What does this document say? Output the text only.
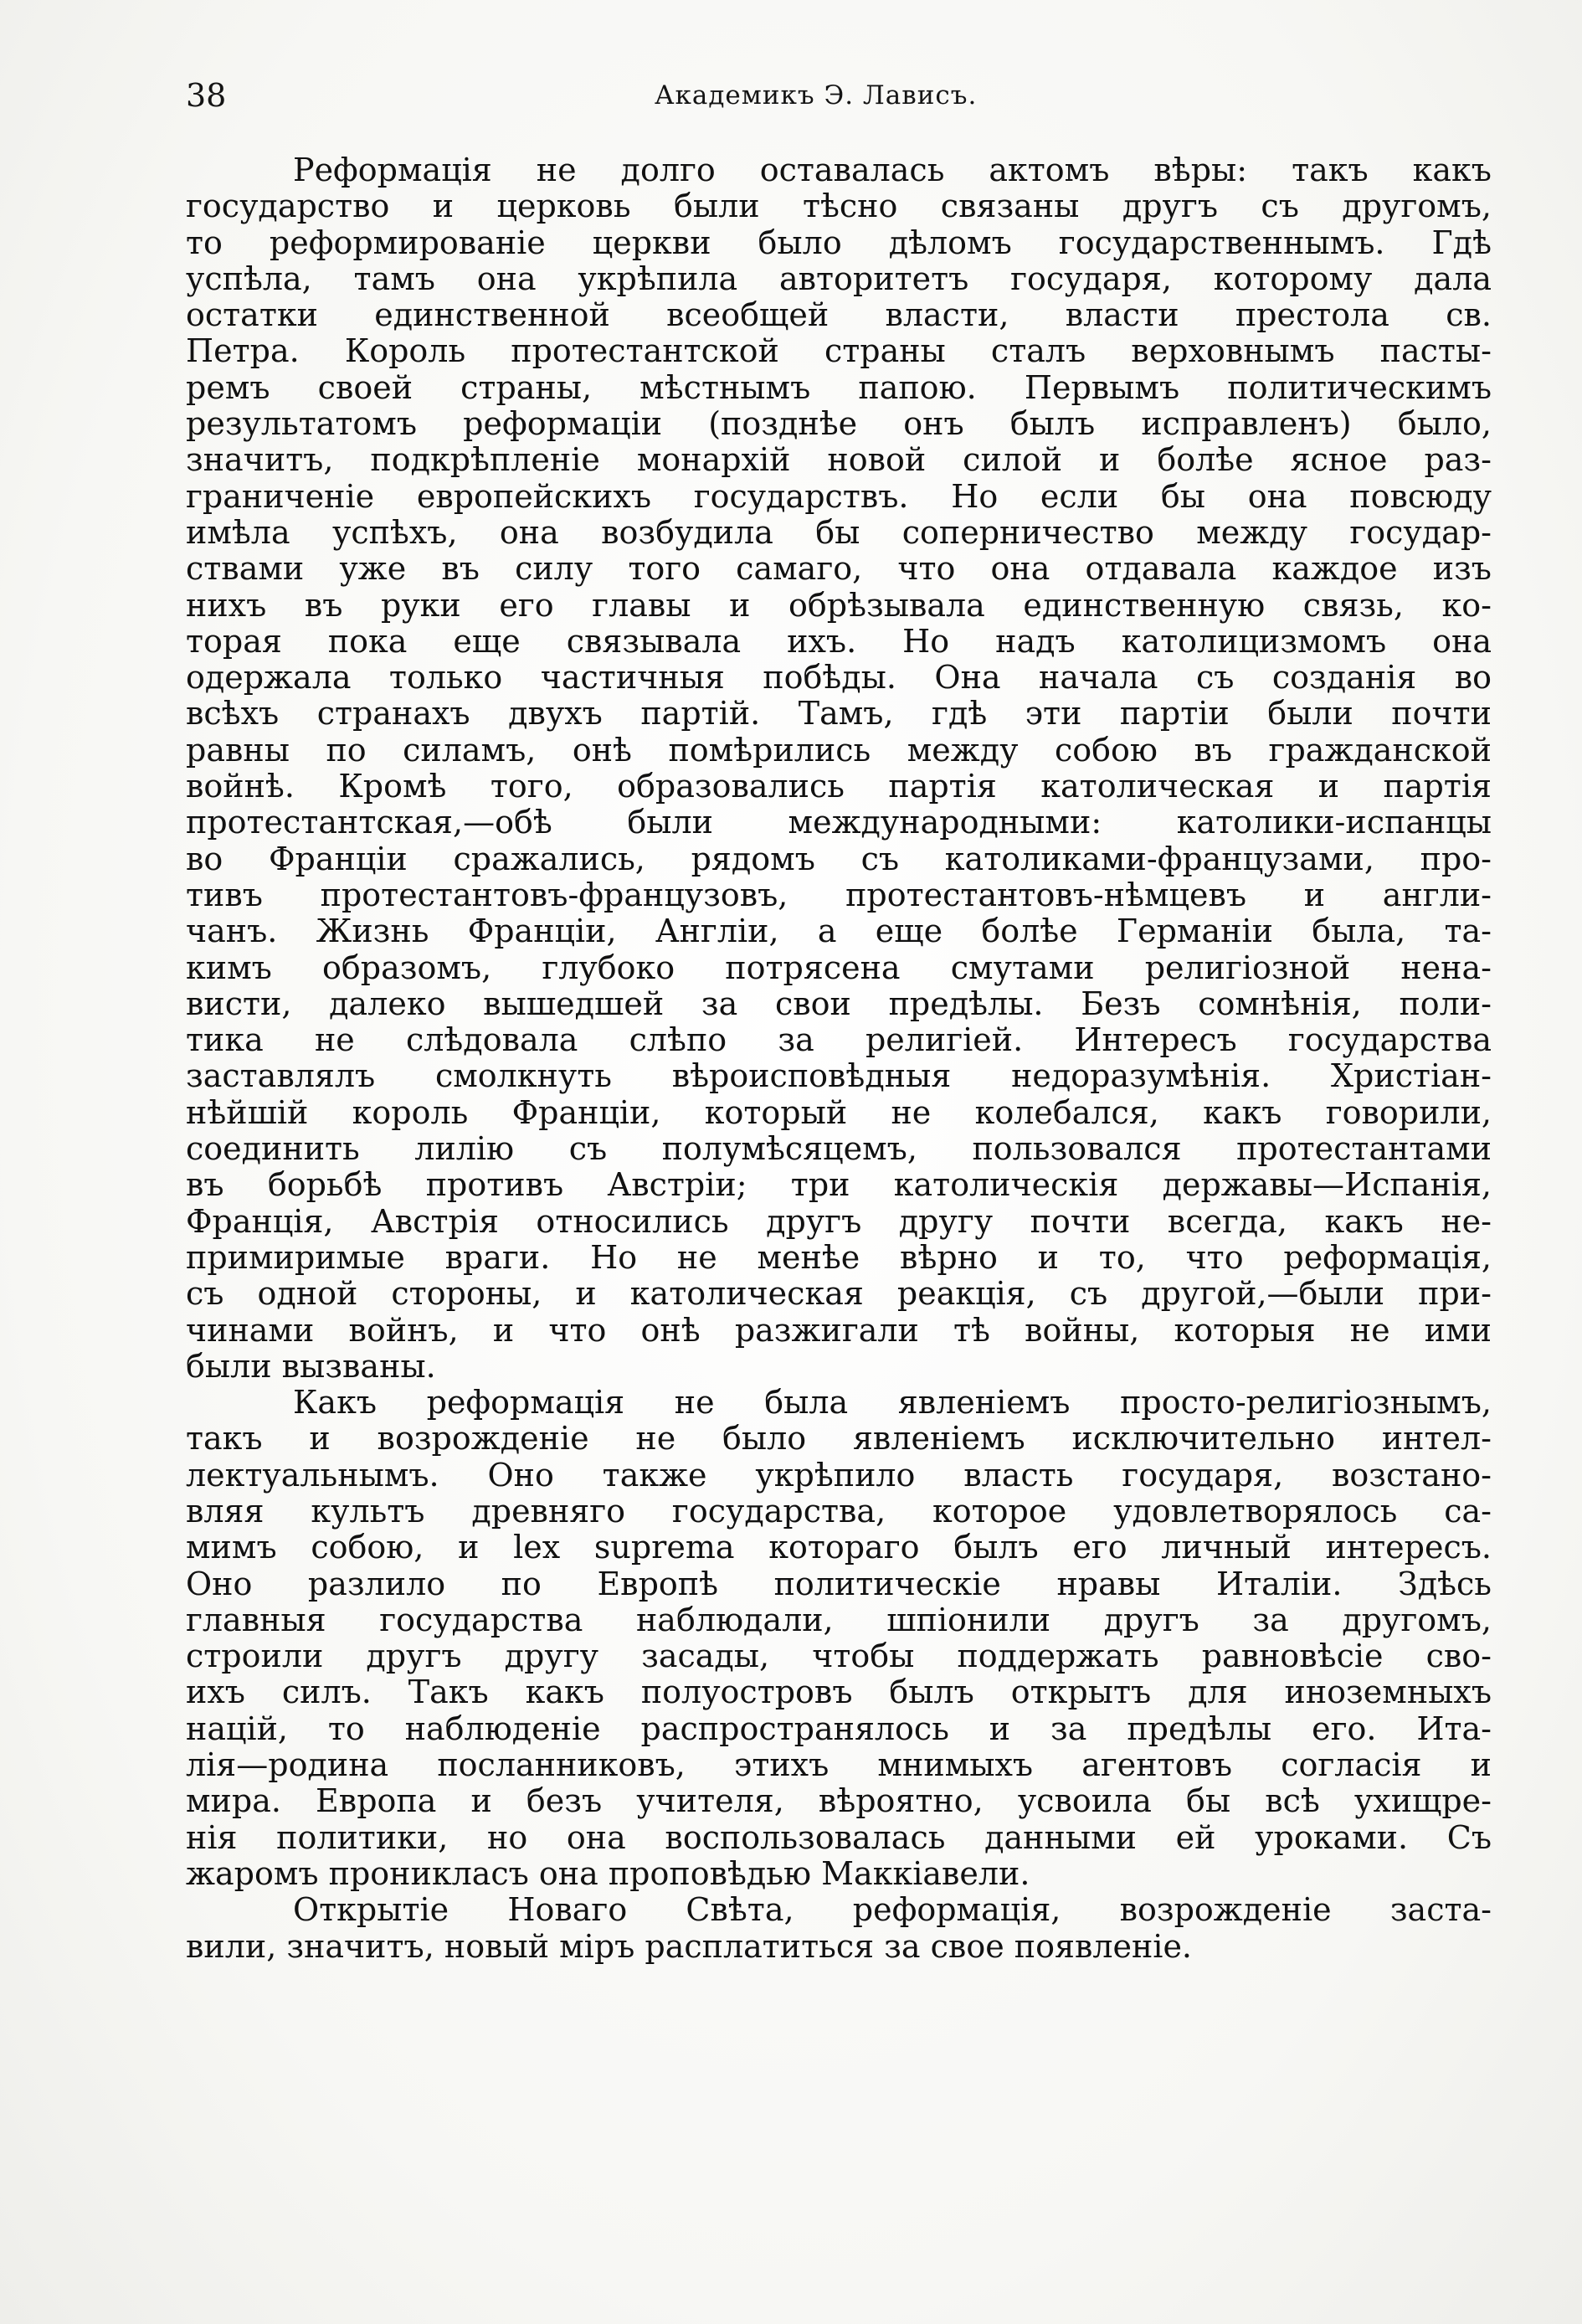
38	Академикъ Э. Лависъ.

Реформація не долго оставалась актомъ вѣры: такъ какъ
государство и церковь были тѣсно связаны другъ съ другомъ,
то реформированіе церкви было дѣломъ государственнымъ. Гдѣ
успѣла, тамъ она укрѣпила авторитетъ государя, которому дала
остатки единственной всеобщей власти, власти престола св.
Петра. Король протестантской страны сталъ верховнымъ пасты-
ремъ своей страны, мѣстнымъ папою. Первымъ политическимъ
результатомъ реформаціи (позднѣе онъ былъ исправленъ) было,
значитъ, подкрѣпленіе монархій новой силой и болѣе ясное раз-
граниченіе европейскихъ государствъ. Но если бы она повсюду
имѣла успѣхъ, она возбудила бы соперничество между государ-
ствами уже въ силу того самаго, что она отдавала каждое изъ
нихъ въ руки его главы и обрѣзывала единственную связь, ко-
торая пока еще связывала ихъ. Но надъ католицизмомъ она
одержала только частичныя побѣды. Она начала съ созданія во
всѣхъ странахъ двухъ партій. Тамъ, гдѣ эти партіи были почти
равны по силамъ, онѣ помѣрились между собою въ гражданской
войнѣ. Кромѣ того, образовались партія католическая и партія
протестантская,—обѣ были международными: католики-испанцы
во Франціи сражались, рядомъ съ католиками-французами, про-
тивъ протестантовъ-французовъ, протестантовъ-нѣмцевъ и англи-
чанъ. Жизнь Франціи, Англіи, а еще болѣе Германіи была, та-
кимъ образомъ, глубоко потрясена смутами религіозной нена-
висти, далеко вышедшей за свои предѣлы. Безъ сомнѣнія, поли-
тика не слѣдовала слѣпо за религіей. Интересъ государства
заставлялъ смолкнуть вѣроисповѣдныя недоразумѣнія. Христіан-
нѣйшій король Франціи, который не колебался, какъ говорили,
соединить лилію съ полумѣсяцемъ, пользовался протестантами
въ борьбѣ противъ Австріи; три католическія державы—Испанія,
Франція, Австрія относились другъ другу почти всегда, какъ не-
примиримые враги. Но не менѣе вѣрно и то, что реформація,
съ одной стороны, и католическая реакція, съ другой,—были при-
чинами войнъ, и что онѣ разжигали тѣ войны, которыя не ими
были вызваны.

Какъ реформація не была явленіемъ просто-религіознымъ,
такъ и возрожденіе не было явленіемъ исключительно интел-
лектуальнымъ. Оно также укрѣпило власть государя, возстано-
вляя культъ древняго государства, которое удовлетворялось са-
мимъ собою, и lex suprema котораго былъ его личный интересъ.
Оно разлило по Европѣ политическіе нравы Италіи. Здѣсь
главныя государства наблюдали, шпіонили другъ за другомъ,
строили другъ другу засады, чтобы поддержать равновѣсіе сво-
ихъ силъ. Такъ какъ полуостровъ былъ открытъ для иноземныхъ
націй, то наблюденіе распространялось и за предѣлы его. Ита-
лія—родина посланниковъ, этихъ мнимыхъ агентовъ согласія и
мира. Европа и безъ учителя, вѣроятно, усвоила бы всѣ ухищре-
нія политики, но она воспользовалась данными ей уроками. Съ
жаромъ проникласъ она проповѣдью Маккіавели.

Открытіе Новаго Свѣта, реформація, возрожденіе заста-
вили, значитъ, новый міръ расплатиться за свое появленіе.
